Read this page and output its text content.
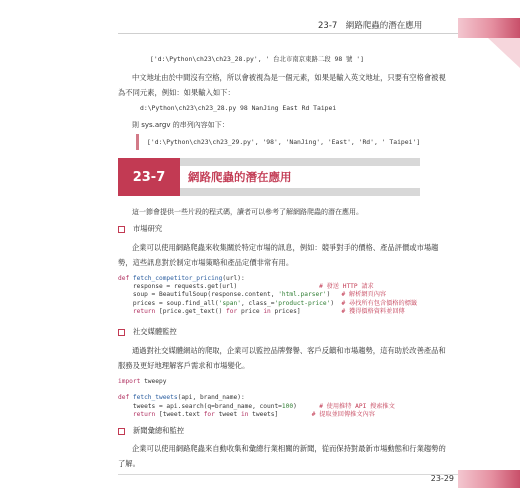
23-7　網路爬蟲的潛在應用
['d:\Python\ch23\ch23_28.py', ' 台北市南京東路二段 98 號 ']
中文地址由於中間沒有空格，所以會被視為是一個元素，如果是輸入英文地址，只要有空格會被視為不同元素，例如：如果輸入如下：
d:\Python\ch23\ch23_28.py 98 NanJing East Rd Taipei
則 sys.argv 的串列內容如下：
['d:\Python\ch23\ch23_29.py', '98', 'NanJing', 'East', 'Rd', ' Taipei']
23-7	網路爬蟲的潛在應用
這一節會提供一些片段的程式碼，讀者可以參考了解網路爬蟲的潛在應用。
市場研究
企業可以使用網路爬蟲來收集關於特定市場的訊息，例如：競爭對手的價格、產品評價或市場趨勢，這些訊息對於制定市場策略和產品定價非常有用。
def fetch_competitor_pricing(url):
response = requests.get(url)                      # 發送 HTTP 請求
soup = BeautifulSoup(response.content, 'html.parser')   # 解析網頁內容
prices = soup.find_all('span', class_='product-price')  # 尋找所有包含價格的標籤
return [price.get_text() for price in prices]           # 獲得價格資料並回傳
社交媒體監控
通過對社交媒體網站的爬取，企業可以監控品牌聲譽、客戶反饋和市場趨勢，這有助於改善產品和服務及更好地理解客戶需求和市場變化。
import tweepy
def fetch_tweets(api, brand_name):
tweets = api.search(q=brand_name, count=100)      # 使用推特 API 搜索推文
return [tweet.text for tweet in tweets]         # 提取並回傳推文內容
新聞彙總和監控
企業可以使用網路爬蟲來自動收集和彙總行業相關的新聞，從而保持對最新市場動態和行業趨勢的了解。
23-29
